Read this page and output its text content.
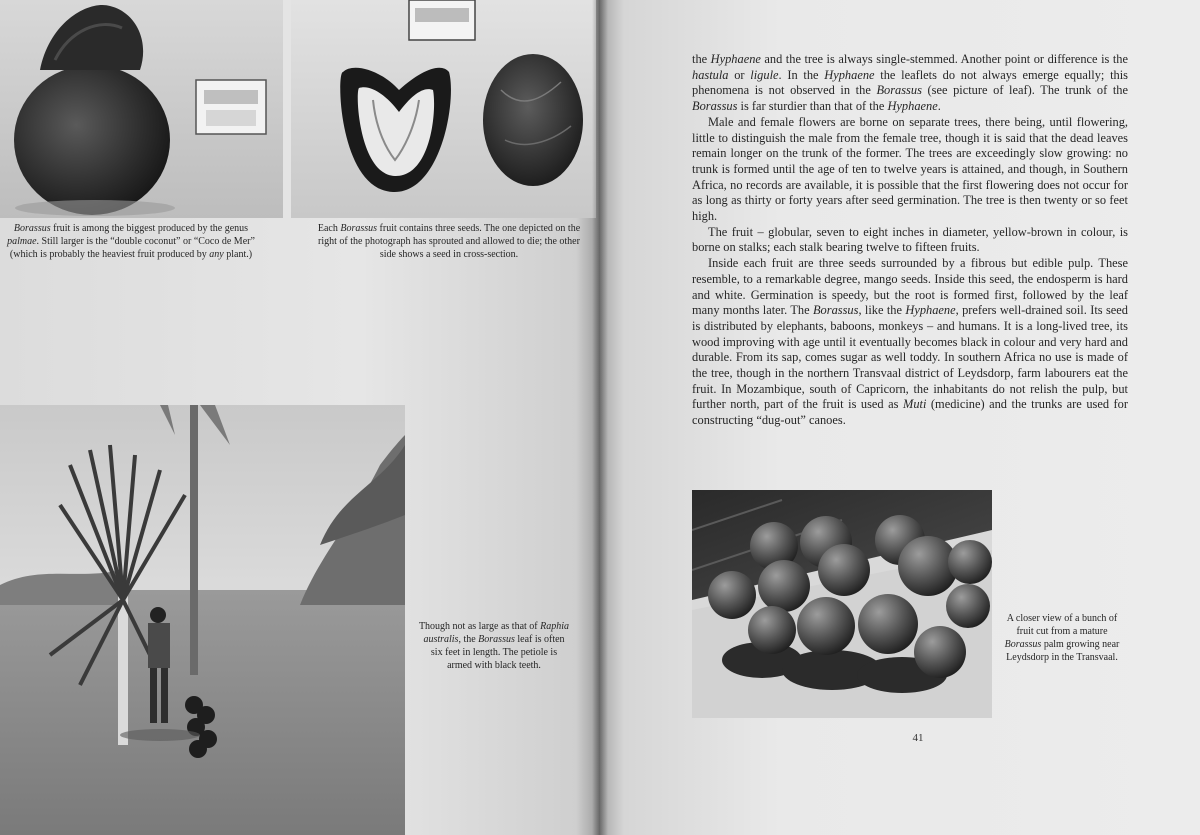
Borassus fruit is among the biggest produced by the genus palmae. Still larger is the “double coconut” or “Coco de Mer” (which is probably the heaviest fruit produced by any plant.)

Each Borassus fruit contains three seeds. The one depicted on the right of the photograph has sprouted and allowed to die; the other side shows a seed in cross-section.

Though not as large as that of Raphia australis, the Borassus leaf is often six feet in length. The petiole is armed with black teeth.

the Hyphaene and the tree is always single-stemmed. Another point or difference is the hastula or ligule. In the Hyphaene the leaflets do not always emerge equally; this phenomena is not observed in the Borassus (see picture of leaf). The trunk of the Borassus is far sturdier than that of the Hyphaene.

Male and female flowers are borne on separate trees, there being, until flowering, little to distinguish the male from the female tree, though it is said that the dead leaves remain longer on the trunk of the former. The trees are exceedingly slow growing: no trunk is formed until the age of ten to twelve years is attained, and though, in Southern Africa, no records are available, it is possible that the first flowering does not occur for as long as thirty or forty years after seed germination. The tree is then twenty or so feet high.

The fruit – globular, seven to eight inches in diameter, yellow-brown in colour, is borne on stalks; each stalk bearing twelve to fifteen fruits.

Inside each fruit are three seeds surrounded by a fibrous but edible pulp. These resemble, to a remarkable degree, mango seeds. Inside this seed, the endosperm is hard and white. Germination is speedy, but the root is formed first, followed by the leaf many months later. The Borassus, like the Hyphaene, prefers well-drained soil. Its seed is distributed by elephants, baboons, monkeys – and humans. It is a long-lived tree, its wood improving with age until it eventually becomes black in colour and very hard and durable. From its sap, comes sugar as well toddy. In southern Africa no use is made of the tree, though in the northern Transvaal district of Leydsdorp, farm labourers eat the fruit. In Mozambique, south of Capricorn, the inhabitants do not relish the pulp, but further north, part of the fruit is used as Muti (medicine) and the trunks are used for constructing “dug-out” canoes.

A closer view of a bunch of fruit cut from a mature Borassus palm growing near Leydsdorp in the Transvaal.

41
